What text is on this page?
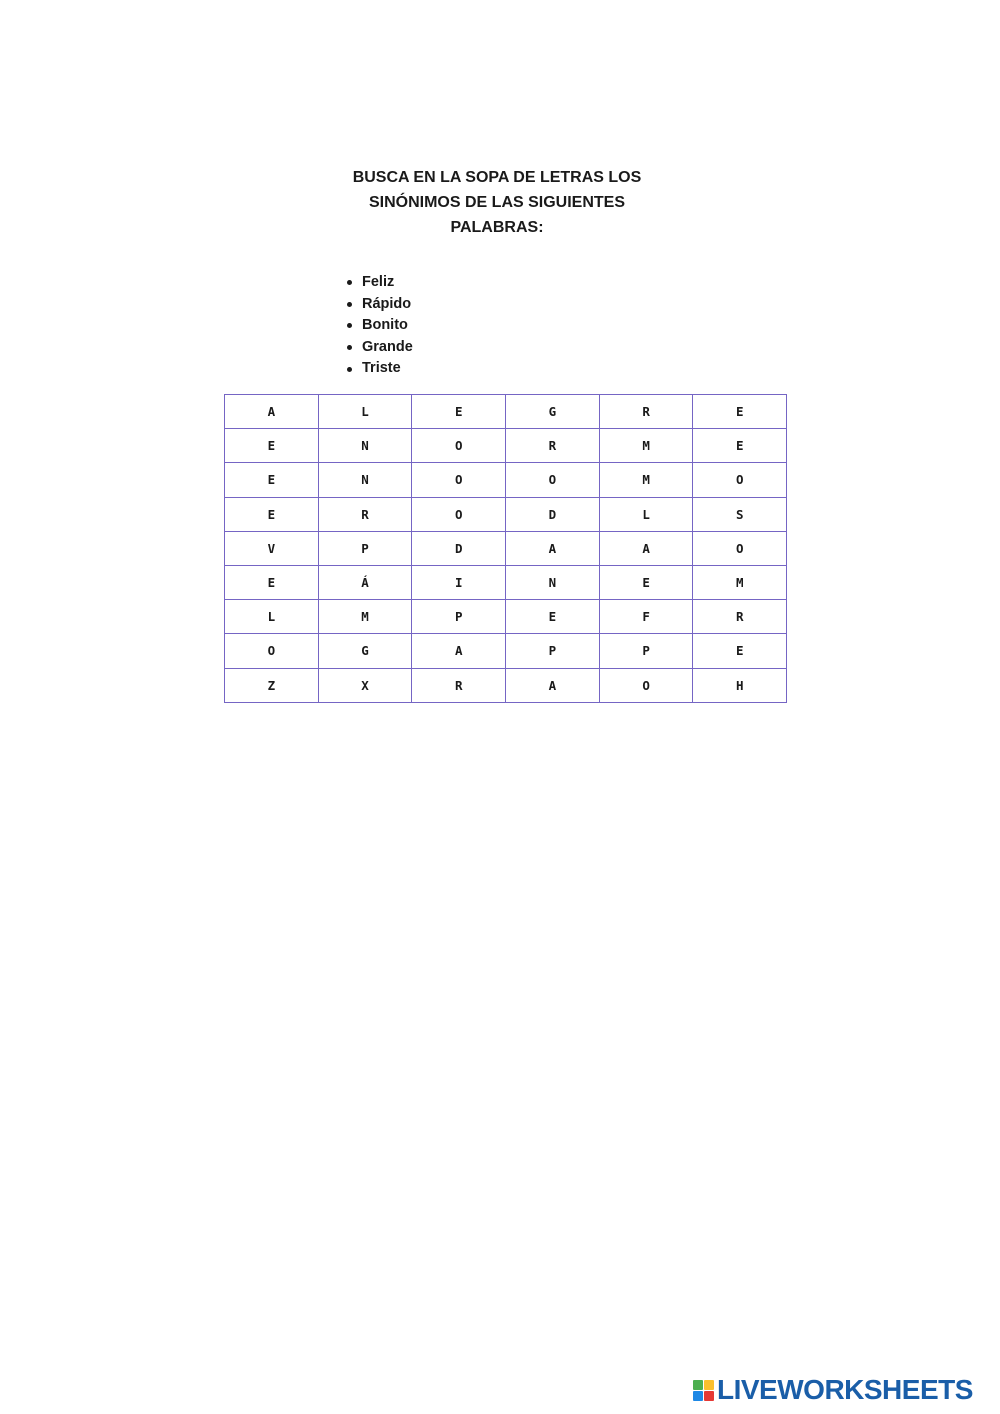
BUSCA EN LA SOPA DE LETRAS LOS
SINÓNIMOS DE LAS SIGUIENTES
PALABRAS:
Feliz
Rápido
Bonito
Grande
Triste
A	L	E	G	R	E
E	N	O	R	M	E
E	N	O	O	M	O
E	R	O	D	L	S
V	P	D	A	A	O
E	Á	I	N	E	M
L	M	P	E	F	R
O	G	A	P	P	E
Z	X	R	A	O	H
LIVEWORKSHEETS
